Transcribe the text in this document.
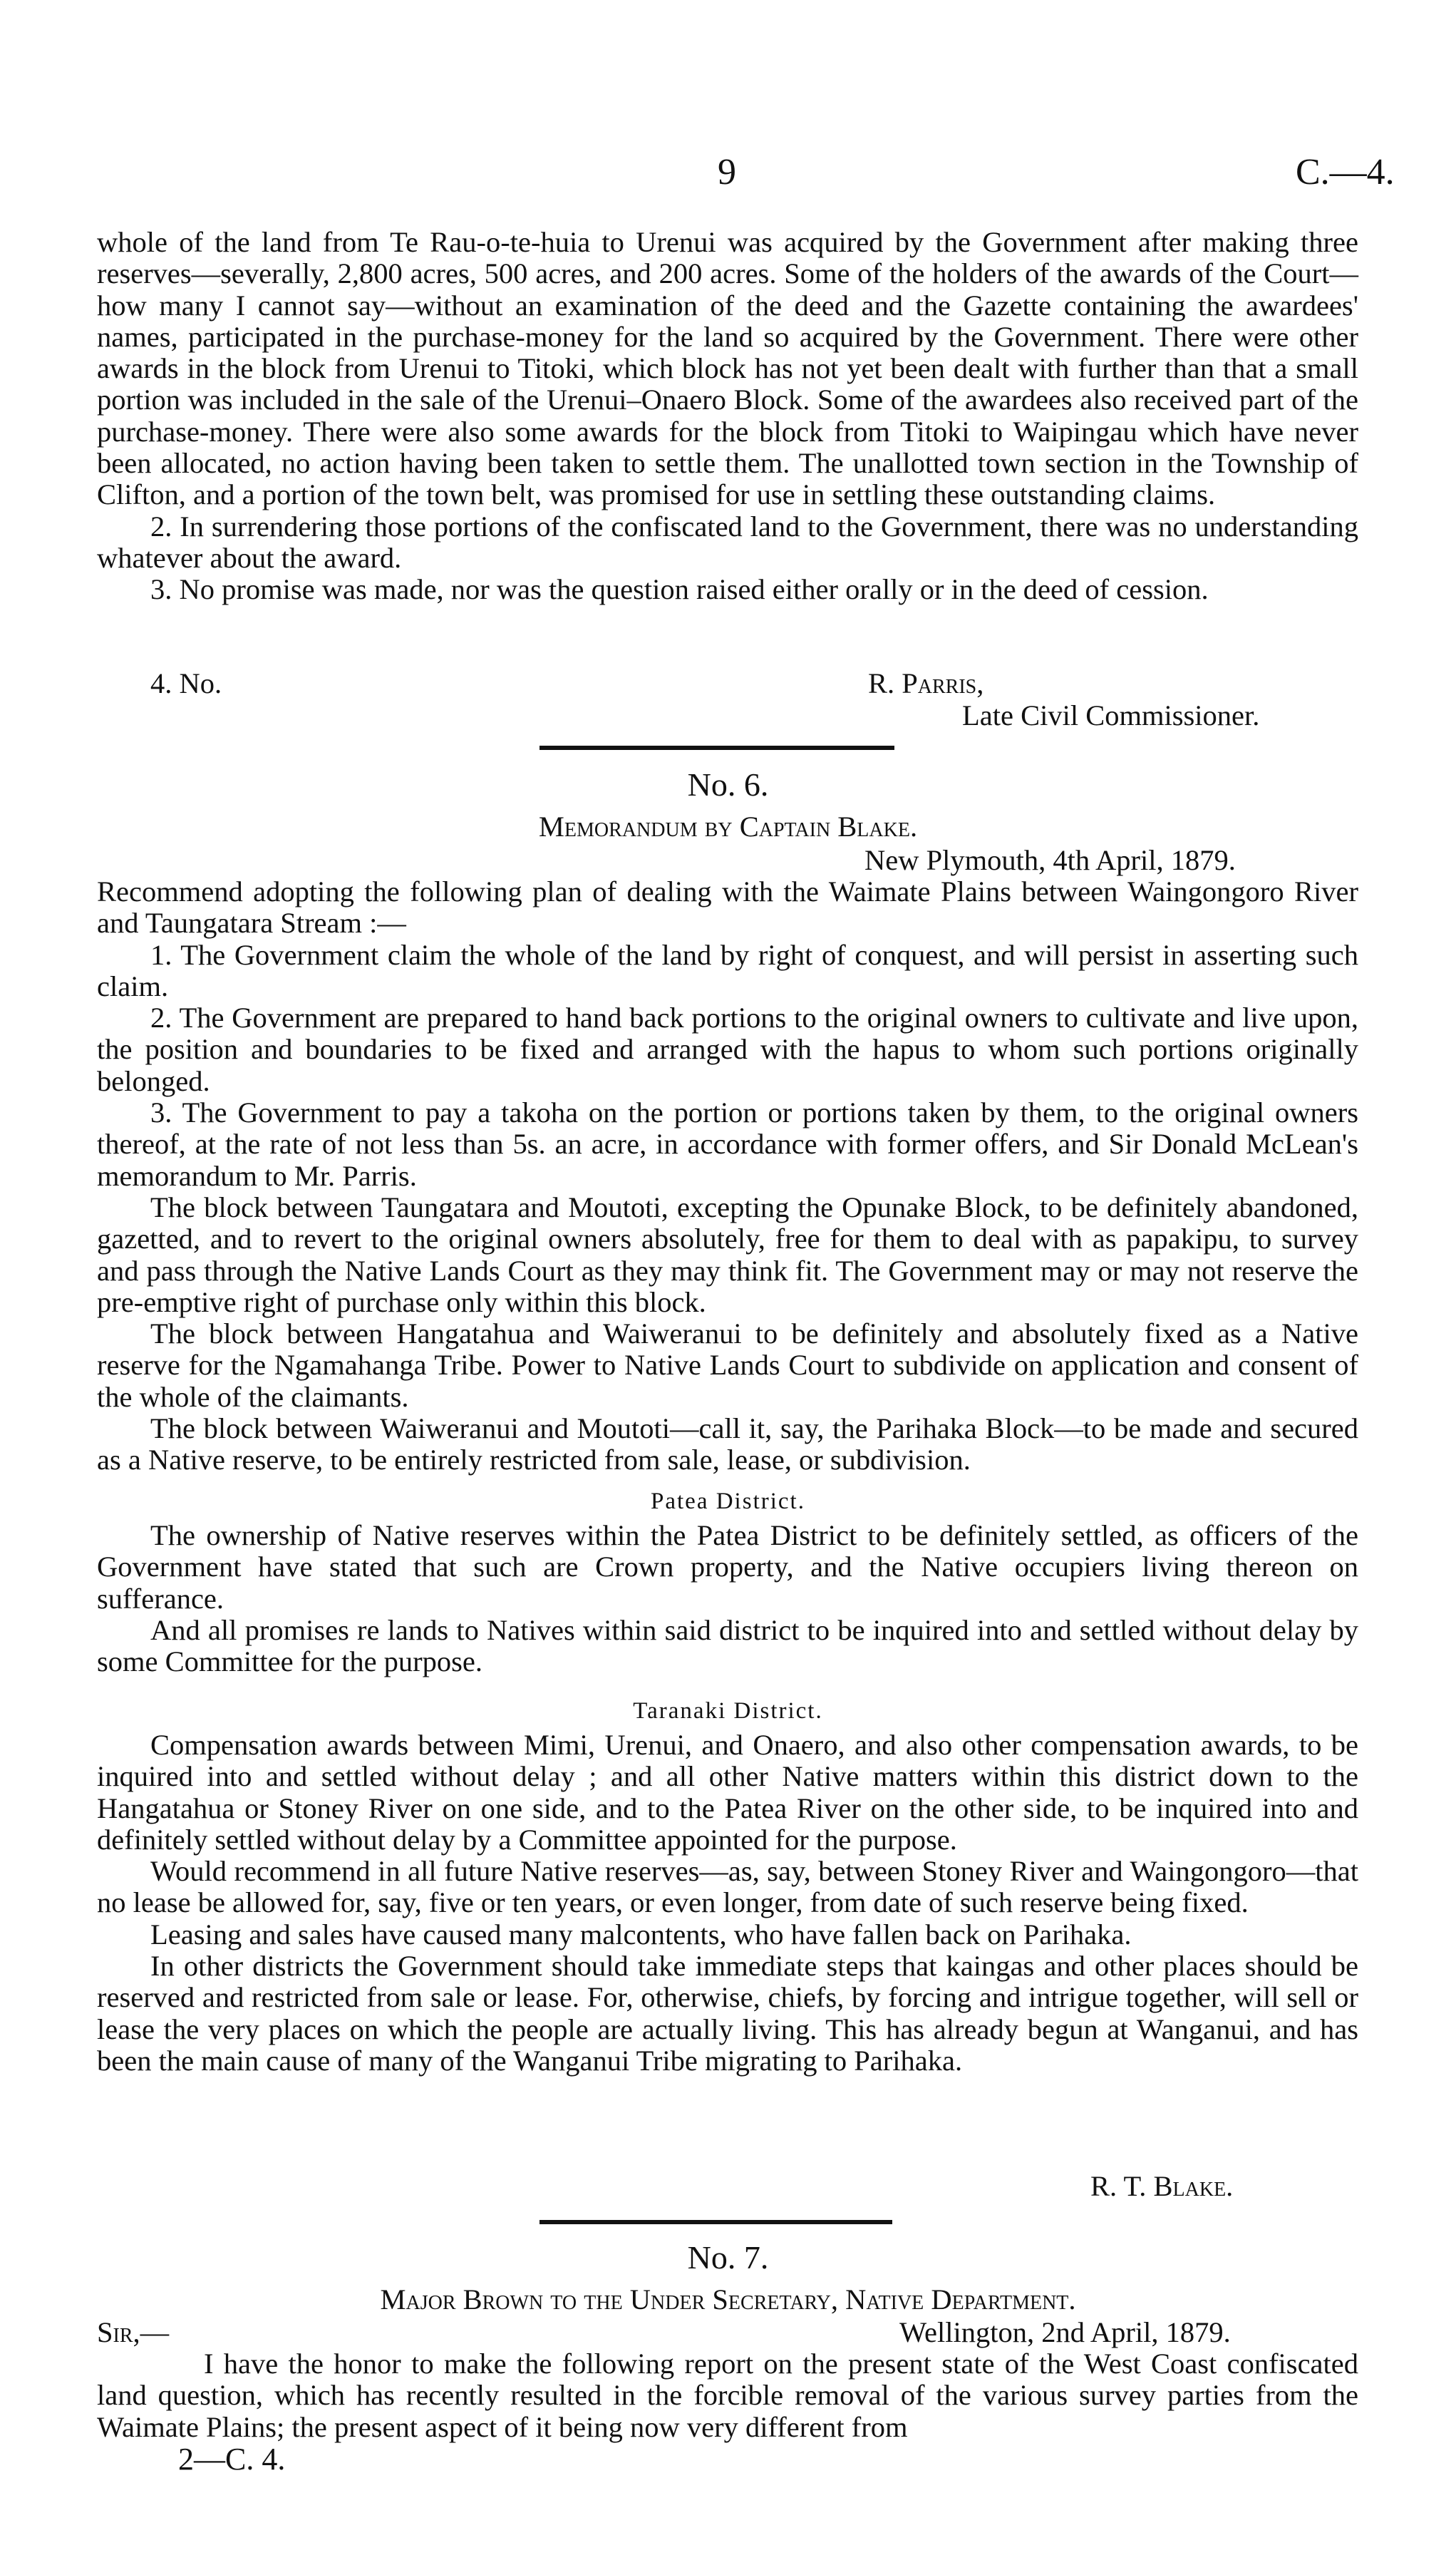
9	C.—4.

whole of the land from Te Rau-o-te-huia to Urenui was acquired by the Government after making three reserves—severally, 2,800 acres, 500 acres, and 200 acres. Some of the holders of the awards of the Court—how many I cannot say—without an examination of the deed and the Gazette containing the awardees' names, participated in the purchase-money for the land so acquired by the Government. There were other awards in the block from Urenui to Titoki, which block has not yet been dealt with further than that a small portion was included in the sale of the Urenui–Onaero Block. Some of the awardees also received part of the purchase-money. There were also some awards for the block from Titoki to Waipingau which have never been allocated, no action having been taken to settle them. The unallotted town section in the Township of Clifton, and a portion of the town belt, was promised for use in settling these outstanding claims.

2. In surrendering those portions of the confiscated land to the Government, there was no understanding whatever about the award.

3. No promise was made, nor was the question raised either orally or in the deed of cession.

4. No.	R. Parris,
Late Civil Commissioner.
No. 6.
Memorandum by Captain Blake.
New Plymouth, 4th April, 1879.

Recommend adopting the following plan of dealing with the Waimate Plains between Waingongoro River and Taungatara Stream :—

1. The Government claim the whole of the land by right of conquest, and will persist in asserting such claim.

2. The Government are prepared to hand back portions to the original owners to cultivate and live upon, the position and boundaries to be fixed and arranged with the hapus to whom such portions originally belonged.

3. The Government to pay a takoha on the portion or portions taken by them, to the original owners thereof, at the rate of not less than 5s. an acre, in accordance with former offers, and Sir Donald McLean's memorandum to Mr. Parris.

The block between Taungatara and Moutoti, excepting the Opunake Block, to be definitely abandoned, gazetted, and to revert to the original owners absolutely, free for them to deal with as papakipu, to survey and pass through the Native Lands Court as they may think fit. The Government may or may not reserve the pre-emptive right of purchase only within this block.

The block between Hangatahua and Waiweranui to be definitely and absolutely fixed as a Native reserve for the Ngamahanga Tribe. Power to Native Lands Court to subdivide on application and consent of the whole of the claimants.

The block between Waiweranui and Moutoti—call it, say, the Parihaka Block—to be made and secured as a Native reserve, to be entirely restricted from sale, lease, or subdivision.

Patea District.

The ownership of Native reserves within the Patea District to be definitely settled, as officers of the Government have stated that such are Crown property, and the Native occupiers living thereon on sufferance.

And all promises re lands to Natives within said district to be inquired into and settled without delay by some Committee for the purpose.

Taranaki District.

Compensation awards between Mimi, Urenui, and Onaero, and also other compensation awards, to be inquired into and settled without delay ; and all other Native matters within this district down to the Hangatahua or Stoney River on one side, and to the Patea River on the other side, to be inquired into and definitely settled without delay by a Committee appointed for the purpose.

Would recommend in all future Native reserves—as, say, between Stoney River and Waingongoro—that no lease be allowed for, say, five or ten years, or even longer, from date of such reserve being fixed.

Leasing and sales have caused many malcontents, who have fallen back on Parihaka.

In other districts the Government should take immediate steps that kaingas and other places should be reserved and restricted from sale or lease. For, otherwise, chiefs, by forcing and intrigue together, will sell or lease the very places on which the people are actually living. This has already begun at Wanganui, and has been the main cause of many of the Wanganui Tribe migrating to Parihaka.

R. T. Blake.
No. 7.
Major Brown to the Under Secretary, Native Department.
Sir,—	Wellington, 2nd April, 1879.

I have the honor to make the following report on the present state of the West Coast confiscated land question, which has recently resulted in the forcible removal of the various survey parties from the Waimate Plains; the present aspect of it being now very different from

2—C. 4.
